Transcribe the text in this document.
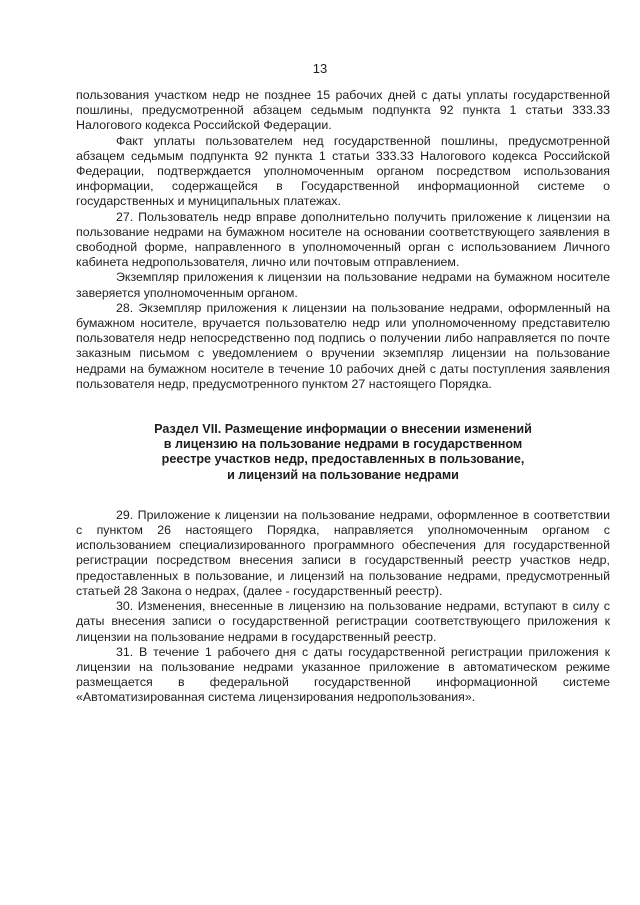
13

пользования участком недр не позднее 15 рабочих дней с даты уплаты государственной пошлины, предусмотренной абзацем седьмым подпункта 92 пункта 1 статьи 333.33 Налогового кодекса Российской Федерации.

Факт уплаты пользователем нед государственной пошлины, предусмотренной абзацем седьмым подпункта 92 пункта 1 статьи 333.33 Налогового кодекса Российской Федерации, подтверждается уполномоченным органом посредством использования информации, содержащейся в Государственной информационной системе о государственных и муниципальных платежах.

27. Пользователь недр вправе дополнительно получить приложение к лицензии на пользование недрами на бумажном носителе на основании соответствующего заявления в свободной форме, направленного в уполномоченный орган с использованием Личного кабинета недропользователя, лично или почтовым отправлением.

Экземпляр приложения к лицензии на пользование недрами на бумажном носителе заверяется уполномоченным органом.

28. Экземпляр приложения к лицензии на пользование недрами, оформленный на бумажном носителе, вручается пользователю недр или уполномоченному представителю пользователя недр непосредственно под подпись о получении либо направляется по почте заказным письмом с уведомлением о вручении экземпляр лицензии на пользование недрами на бумажном носителе в течение 10 рабочих дней с даты поступления заявления пользователя недр, предусмотренного пунктом 27 настоящего Порядка.

Раздел VII. Размещение информации о внесении изменений
в лицензию на пользование недрами в государственном
реестре участков недр, предоставленных в пользование,
и лицензий на пользование недрами

29. Приложение к лицензии на пользование недрами, оформленное в соответствии с пунктом 26 настоящего Порядка, направляется уполномоченным органом с использованием специализированного программного обеспечения для государственной регистрации посредством внесения записи в государственный реестр участков недр, предоставленных в пользование, и лицензий на пользование недрами, предусмотренный статьей 28 Закона о недрах, (далее - государственный реестр).

30. Изменения, внесенные в лицензию на пользование недрами, вступают в силу с даты внесения записи о государственной регистрации соответствующего приложения к лицензии на пользование недрами в государственный реестр.

31. В течение 1 рабочего дня с даты государственной регистрации приложения к лицензии на пользование недрами указанное приложение в автоматическом режиме размещается в федеральной государственной информационной системе «Автоматизированная система лицензирования недропользования».
